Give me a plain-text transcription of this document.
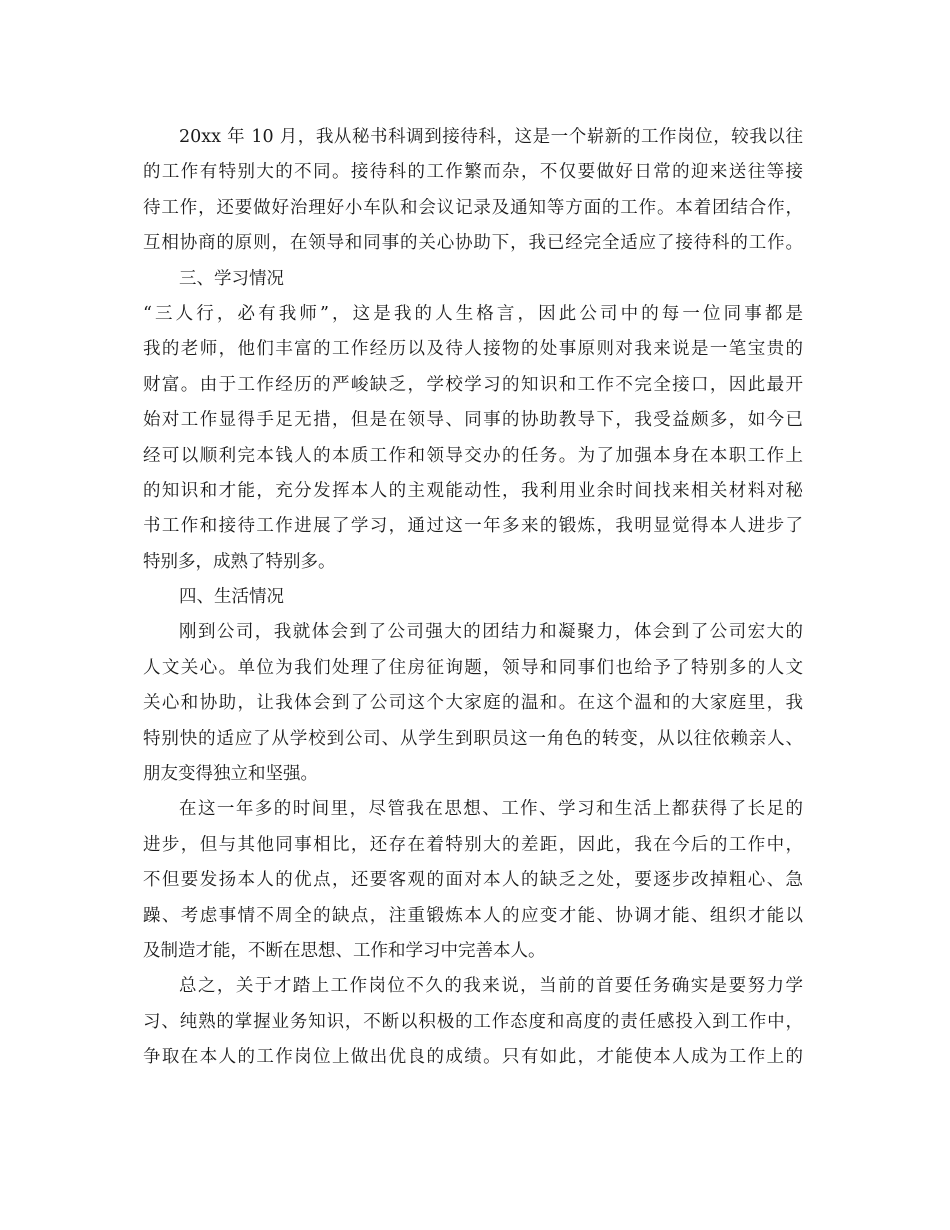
20xx 年 10 月，我从秘书科调到接待科，这是一个崭新的工作岗位，较我以往
的工作有特别大的不同。接待科的工作繁而杂，不仅要做好日常的迎来送往等接
待工作，还要做好治理好小车队和会议记录及通知等方面的工作。本着团结合作，
互相协商的原则，在领导和同事的关心协助下，我已经完全适应了接待科的工作。
三、学习情况
“三人行，必有我师”，这是我的人生格言，因此公司中的每一位同事都是
我的老师，他们丰富的工作经历以及待人接物的处事原则对我来说是一笔宝贵的
财富。由于工作经历的严峻缺乏，学校学习的知识和工作不完全接口，因此最开
始对工作显得手足无措，但是在领导、同事的协助教导下，我受益颇多，如今已
经可以顺利完本钱人的本质工作和领导交办的任务。为了加强本身在本职工作上
的知识和才能，充分发挥本人的主观能动性，我利用业余时间找来相关材料对秘
书工作和接待工作进展了学习，通过这一年多来的锻炼，我明显觉得本人进步了
特别多，成熟了特别多。
四、生活情况
刚到公司，我就体会到了公司强大的团结力和凝聚力，体会到了公司宏大的
人文关心。单位为我们处理了住房征询题，领导和同事们也给予了特别多的人文
关心和协助，让我体会到了公司这个大家庭的温和。在这个温和的大家庭里，我
特别快的适应了从学校到公司、从学生到职员这一角色的转变，从以往依赖亲人、
朋友变得独立和坚强。
在这一年多的时间里，尽管我在思想、工作、学习和生活上都获得了长足的
进步，但与其他同事相比，还存在着特别大的差距，因此，我在今后的工作中，
不但要发扬本人的优点，还要客观的面对本人的缺乏之处，要逐步改掉粗心、急
躁、考虑事情不周全的缺点，注重锻炼本人的应变才能、协调才能、组织才能以
及制造才能，不断在思想、工作和学习中完善本人。
总之，关于才踏上工作岗位不久的我来说，当前的首要任务确实是要努力学
习、纯熟的掌握业务知识，不断以积极的工作态度和高度的责任感投入到工作中，
争取在本人的工作岗位上做出优良的成绩。只有如此，才能使本人成为工作上的
